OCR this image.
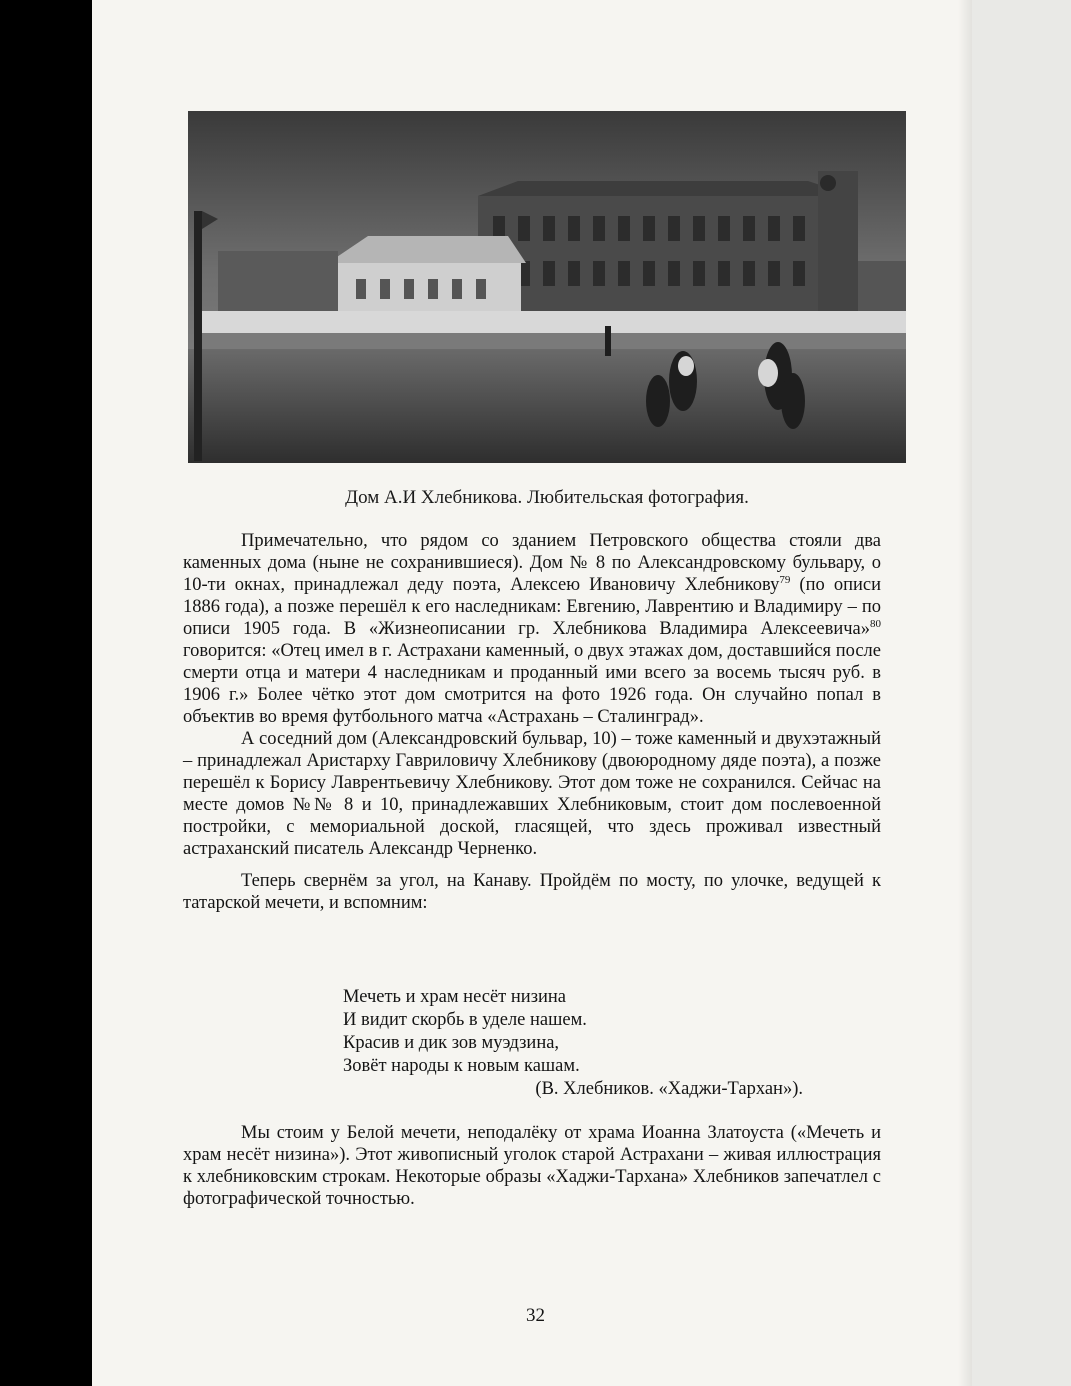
Дом А.И Хлебникова. Любительская фотография.

Примечательно, что рядом со зданием Петровского общества стояли два каменных дома (ныне не сохранившиеся). Дом № 8 по Александровскому бульвару, о 10-ти окнах, принадлежал деду поэта, Алексею Ивановичу Хлебникову$^{79}$ (по описи 1886 года), а позже перешёл к его наследникам: Евгению, Лаврентию и Владимиру – по описи 1905 года. В «Жизнеописании гр. Хлебникова Владимира Алексеевича»$^{80}$ говорится: «Отец имел в г. Астрахани каменный, о двух этажах дом, доставшийся после смерти отца и матери 4 наследникам и проданный ими всего за восемь тысяч руб. в 1906 г.» Более чётко этот дом смотрится на фото 1926 года. Он случайно попал в объектив во время футбольного матча «Астрахань – Сталинград».

А соседний дом (Александровский бульвар, 10) – тоже каменный и двухэтажный – принадлежал Аристарху Гавриловичу Хлебникову (двоюродному дяде поэта), а позже перешёл к Борису Лаврентьевичу Хлебникову. Этот дом тоже не сохранился. Сейчас на месте домов №№ 8 и 10, принадлежавших Хлебниковым, стоит дом послевоенной постройки, с мемориальной доской, гласящей, что здесь проживал известный астраханский писатель Александр Черненко.

Теперь свернём за угол, на Канаву. Пройдём по мосту, по улочке, ведущей к татарской мечети, и вспомним:

Мечеть и храм несёт низина
И видит скорбь в уделе нашем.
Красив и дик зов муэдзина,
Зовёт народы к новым кашам.
(В. Хлебников. «Хаджи-Тархан»).

Мы стоим у Белой мечети, неподалёку от храма Иоанна Златоуста («Мечеть и храм несёт низина»). Этот живописный уголок старой Астрахани – живая иллюстрация к хлебниковским строкам. Некоторые образы «Хаджи-Тархана» Хлебников запечатлел с фотографической точностью.

32
